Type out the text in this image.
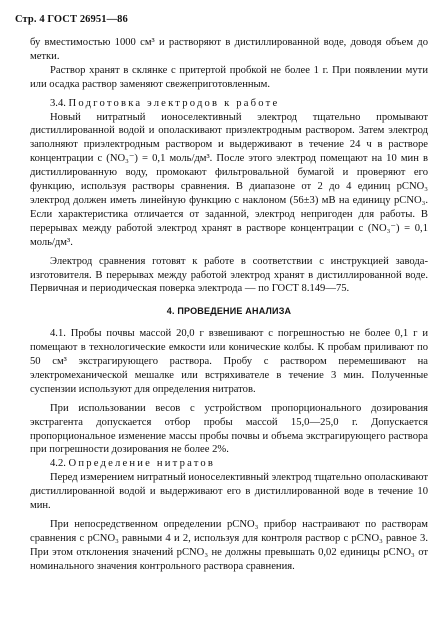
Стр. 4 ГОСТ 26951—86

бу вместимостью 1000 см³ и растворяют в дистиллированной воде, доводя объем до метки.

Раствор хранят в склянке с притертой пробкой не более 1 г. При появлении мути или осадка раствор заменяют свежеприготовленным.

3.4. Подготовка электродов к работе

Новый нитратный ионоселективный электрод тщательно промывают дистиллированной водой и ополаскивают приэлектродным раствором. Затем электрод заполняют приэлектродным раствором и выдерживают в течение 24 ч в растворе концентрации c (NO₃⁻) = 0,1 моль/дм³. После этого электрод помещают на 10 мин в дистиллированную воду, промокают фильтровальной бумагой и проверяют его функцию, используя растворы сравнения. В диапазоне от 2 до 4 единиц pCNO₃ электрод должен иметь линейную функцию с наклоном (56±3) мВ на единицу pCNO₃. Если характеристика отличается от заданной, электрод непригоден для работы. В перерывах между работой электрод хранят в растворе концентрации c (NO₃⁻) = 0,1 моль/дм³.

Электрод сравнения готовят к работе в соответствии с инструкцией завода-изготовителя. В перерывах между работой электрод хранят в дистиллированной воде. Первичная и периодическая поверка электрода — по ГОСТ 8.149—75.

4. ПРОВЕДЕНИЕ АНАЛИЗА

4.1. Пробы почвы массой 20,0 г взвешивают с погрешностью не более 0,1 г и помещают в технологические емкости или конические колбы. К пробам приливают по 50 см³ экстрагирующего раствора. Пробу с раствором перемешивают на электромеханической мешалке или встряхивателе в течение 3 мин. Полученные суспензии используют для определения нитратов.

При использовании весов с устройством пропорционального дозирования экстрагента допускается отбор пробы массой 15,0—25,0 г. Допускается пропорциональное изменение массы пробы почвы и объема экстрагирующего раствора при погрешности дозирования не более 2%.

4.2. Определение нитратов

Перед измерением нитратный ионоселективный электрод тщательно ополаскивают дистиллированной водой и выдерживают его в дистиллированной воде в течение 10 мин.

При непосредственном определении pCNO₃ прибор настраивают по растворам сравнения с pCNO₃ равными 4 и 2, используя для контроля раствор с pCNO₃ равное 3. При этом отклонения значений pCNO₃ не должны превышать 0,02 единицы pCNO₃ от номинального значения контрольного раствора сравнения.
